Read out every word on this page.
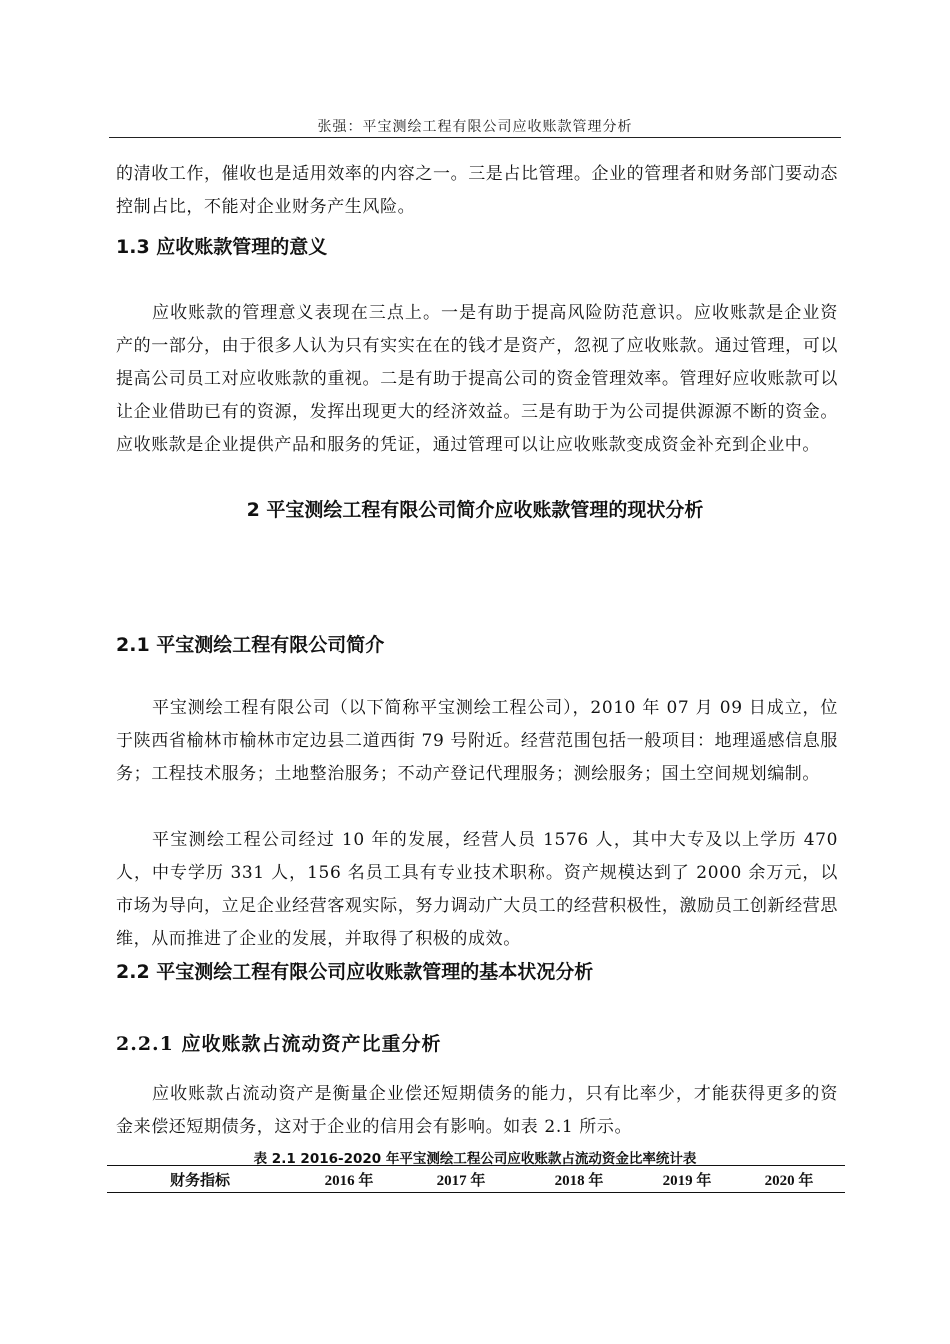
张强：平宝测绘工程有限公司应收账款管理分析

的清收工作，催收也是适用效率的内容之一。三是占比管理。企业的管理者和财务部门要动态控制占比，不能对企业财务产生风险。

1.3 应收账款管理的意义

应收账款的管理意义表现在三点上。一是有助于提高风险防范意识。应收账款是企业资产的一部分，由于很多人认为只有实实在在的钱才是资产，忽视了应收账款。通过管理，可以提高公司员工对应收账款的重视。二是有助于提高公司的资金管理效率。管理好应收账款可以让企业借助已有的资源，发挥出现更大的经济效益。三是有助于为公司提供源源不断的资金。应收账款是企业提供产品和服务的凭证，通过管理可以让应收账款变成资金补充到企业中。

2 平宝测绘工程有限公司简介应收账款管理的现状分析
2.1 平宝测绘工程有限公司简介

平宝测绘工程有限公司（以下简称平宝测绘工程公司），2010 年 07 月 09 日成立，位于陕西省榆林市榆林市定边县二道西街 79 号附近。经营范围包括一般项目：地理遥感信息服务；工程技术服务；土地整治服务；不动产登记代理服务；测绘服务；国土空间规划编制。

平宝测绘工程公司经过 10 年的发展，经营人员 1576 人，其中大专及以上学历 470 人，中专学历 331 人，156 名员工具有专业技术职称。资产规模达到了 2000 余万元，以市场为导向，立足企业经营客观实际，努力调动广大员工的经营积极性，激励员工创新经营思维，从而推进了企业的发展，并取得了积极的成效。

2.2 平宝测绘工程有限公司应收账款管理的基本状况分析
2.2.1 应收账款占流动资产比重分析

应收账款占流动资产是衡量企业偿还短期债务的能力，只有比率少，才能获得更多的资金来偿还短期债务，这对于企业的信用会有影响。如表 2.1 所示。

表 2.1 2016-2020 年平宝测绘工程公司应收账款占流动资金比率统计表

财务指标	2016 年	2017 年	2018 年	2019 年	2020 年
